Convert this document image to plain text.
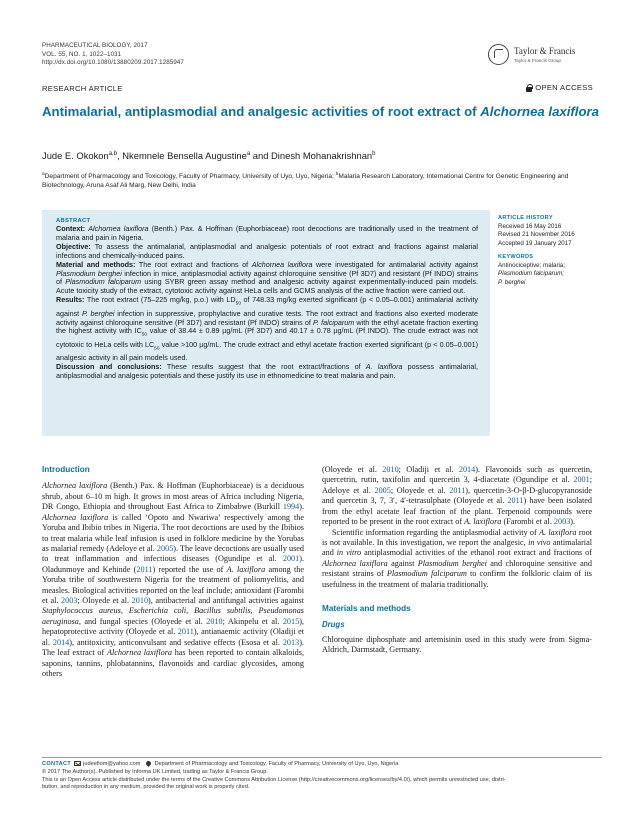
PHARMACEUTICAL BIOLOGY, 2017
VOL. 55, NO. 1, 1022–1031
http://dx.doi.org/10.1080/13880209.2017.1285947
Taylor & Francis
Taylor & Francis Group
RESEARCH ARTICLE	OPEN ACCESS
Antimalarial, antiplasmodial and analgesic activities of root extract of Alchornea laxiflora
Jude E. Okokon$^{a,b}$, Nkemnele Bensella Augustine$^a$ and Dinesh Mohanakrishnan$^b$
$^a$Department of Pharmacology and Toxicology, Faculty of Pharmacy, University of Uyo, Uyo, Nigeria; $^b$Malaria Research Laboratory, International Centre for Genetic Engineering and Biotechnology, Aruna Asaf Ali Marg, New Delhi, India
ABSTRACT

Context: Alchornea laxiflora (Benth.) Pax. & Hoffman (Euphorbiaceae) root decoctions are traditionally used in the treatment of malaria and pain in Nigeria.

Objective: To assess the antimalarial, antiplasmodial and analgesic potentials of root extract and fractions against malarial infections and chemically-induced pains.

Material and methods: The root extract and fractions of Alchornea laxiflora were investigated for antimalarial activity against Plasmodium berghei infection in mice, antiplasmodial activity against chloroquine sensitive (Pf 3D7) and resistant (Pf INDO) strains of Plasmodium falciparum using SYBR green assay method and analgesic activity against experimentally-induced pain models. Acute toxicity study of the extract, cytotoxic activity against HeLa cells and GCMS analysis of the active fraction were carried out.

Results: The root extract (75–225 mg/kg, p.o.) with $LD_{50}$ of 748.33 mg/kg exerted significant (p < 0.05–0.001) antimalarial activity against P. berghei infection in suppressive, prophylactive and curative tests. The root extract and fractions also exerted moderate activity against chloroquine sensitive (Pf 3D7) and resistant (Pf INDO) strains of P. falciparum with the ethyl acetate fraction exerting the highest activity with $IC_{50}$ value of 38.44 ± 0.89 µg/mL (Pf 3D7) and 40.17 ± 0.78 µg/mL (Pf INDO). The crude extract was not cytotoxic to HeLa cells with $LC_{50}$ value >100 µg/mL. The crude extract and ethyl acetate fraction exerted significant (p < 0.05–0.001) analgesic activity in all pain models used.

Discussion and conclusions: These results suggest that the root extract/fractions of A. laxiflora possess antimalarial, antiplasmodial and analgesic potentials and these justify its use in ethnomedicine to treat malaria and pain.

ARTICLE HISTORY
Received 16 May 2016
Revised 21 November 2016
Accepted 19 January 2017
KEYWORDS
Antinociceptive; malaria;
Plasmodium falciparum;
P. berghei
Introduction

Alchornea laxiflora (Benth.) Pax. & Hoffman (Euphorbiaceae) is a deciduous shrub, about 6–10 m high. It grows in most areas of Africa including Nigeria, DR Congo, Ethiopia and throughout East Africa to Zimbabwe (Burkill 1994). Alchornea laxiflora is called ‘Opoto and Nwariwa’ respectively among the Yoruba and Ibibio tribes in Nigeria. The root decoctions are used by the Ibibios to treat malaria while leaf infusion is used in folklore medicine by the Yorubas as malarial remedy (Adeloye et al. 2005). The leave decoctions are usually used to treat inflammation and infectious diseases (Ogundipe et al. 2001). Oladunmoye and Kehinde (2011) reported the use of A. laxiflora among the Yoruba tribe of southwestern Nigeria for the treatment of poliomyelitis, and measles. Biological activities reported on the leaf include; antioxidant (Farombi et al. 2003; Oloyede et al. 2010), antibacterial and antifungal activities against Staphylococcus aureus, Escherichia coli, Bacillus subtilis, Pseudomonas aeruginosa, and fungal species (Oloyede et al. 2010; Akinpelu et al. 2015), hepatoprotective activity (Oloyede et al. 2011), antianaemic activity (Oladiji et al. 2014), antitoxicity, anticonvulsant and sedative effects (Esosa et al. 2013). The leaf extract of Alchornea laxiflora has been reported to contain alkaloids, saponins, tannins, phlobatannins, flavonoids and cardiac glycosides, among others

(Oloyede et al. 2010; Oladiji et al. 2014). Flavonoids such as quercetin, quercetrin, rutin, taxifolin and quercetin 3, 4-diacetate (Ogundipe et al. 2001; Adeloye et al. 2005; Oloyede et al. 2011), quercetin-3-O-β-D-glucopyranoside and quercetin 3, 7, 3′, 4′-tetrasulphate (Oloyede et al. 2011) have been isolated from the ethyl acetate leaf fraction of the plant. Terpenoid compounds were reported to be present in the root extract of A. laxiflora (Farombi et al. 2003).

Scientific information regarding the antiplasmodial activity of A. laxiflora root is not available. In this investigation, we report the analgesic, in vivo antimalarial and in vitro antiplasmodial activities of the ethanol root extract and fractions of Alchornea laxiflora against Plasmodium berghei and chloroquine sensitive and resistant strains of Plasmodium falciparum to confirm the folkloric claim of its usefulness in the treatment of malaria traditionally.

Materials and methods
Drugs

Chloroquine diphosphate and artemisinin used in this study were from Sigma-Aldrich, Darmstadt, Germany.

CONTACT judeefiom@yahoo.com	Department of Pharmacology and Toxicology, Faculty of Pharmacy, University of Uyo, Uyo, Nigeria
© 2017 The Author(s). Published by Informa UK Limited, trading as Taylor & Francis Group.
This is an Open Access article distributed under the terms of the Creative Commons Attribution License (http://creativecommons.org/licenses/by/4.0/), which permits unrestricted use, distri-
bution, and reproduction in any medium, provided the original work is properly cited.
